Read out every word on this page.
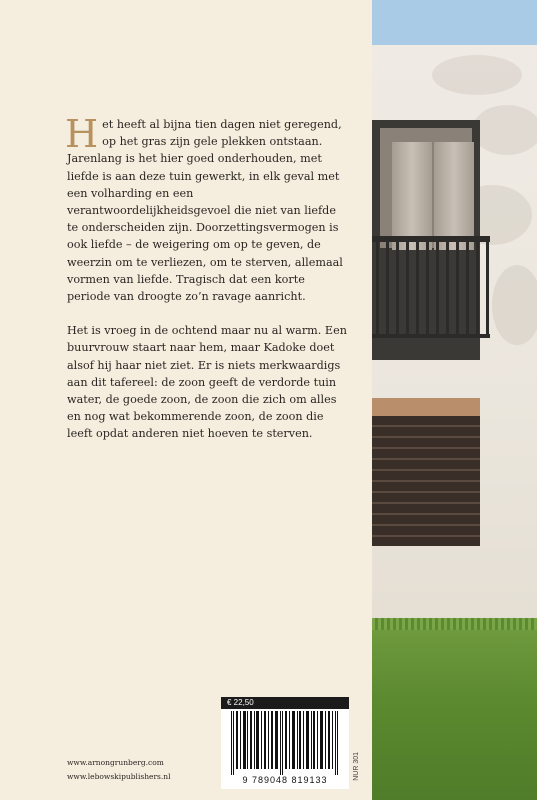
Het heeft al bijna tien dagen niet geregend, op het gras zijn gele plekken ontstaan. Jarenlang is het hier goed onderhouden, met liefde is aan deze tuin gewerkt, in elk geval met een volharding en een verantwoordelijkheidsgevoel die niet van liefde te onderscheiden zijn. Doorzettingsvermogen is ook liefde – de weigering om op te geven, de weerzin om te verliezen, om te sterven, allemaal vormen van liefde. Tragisch dat een korte periode van droogte zo’n ravage aanricht.

Het is vroeg in de ochtend maar nu al warm. Een buurvrouw staart naar hem, maar Kadoke doet alsof hij haar niet ziet. Er is niets merkwaardigs aan dit tafereel: de zoon geeft de verdorde tuin water, de goede zoon, de zoon die zich om alles en nog wat bekommerende zoon, de zoon die leeft opdat anderen niet hoeven te sterven.

€ 22,50
9 789048 819133	NUR 301
www.arnongrunberg.com
www.lebowskipublishers.nl
